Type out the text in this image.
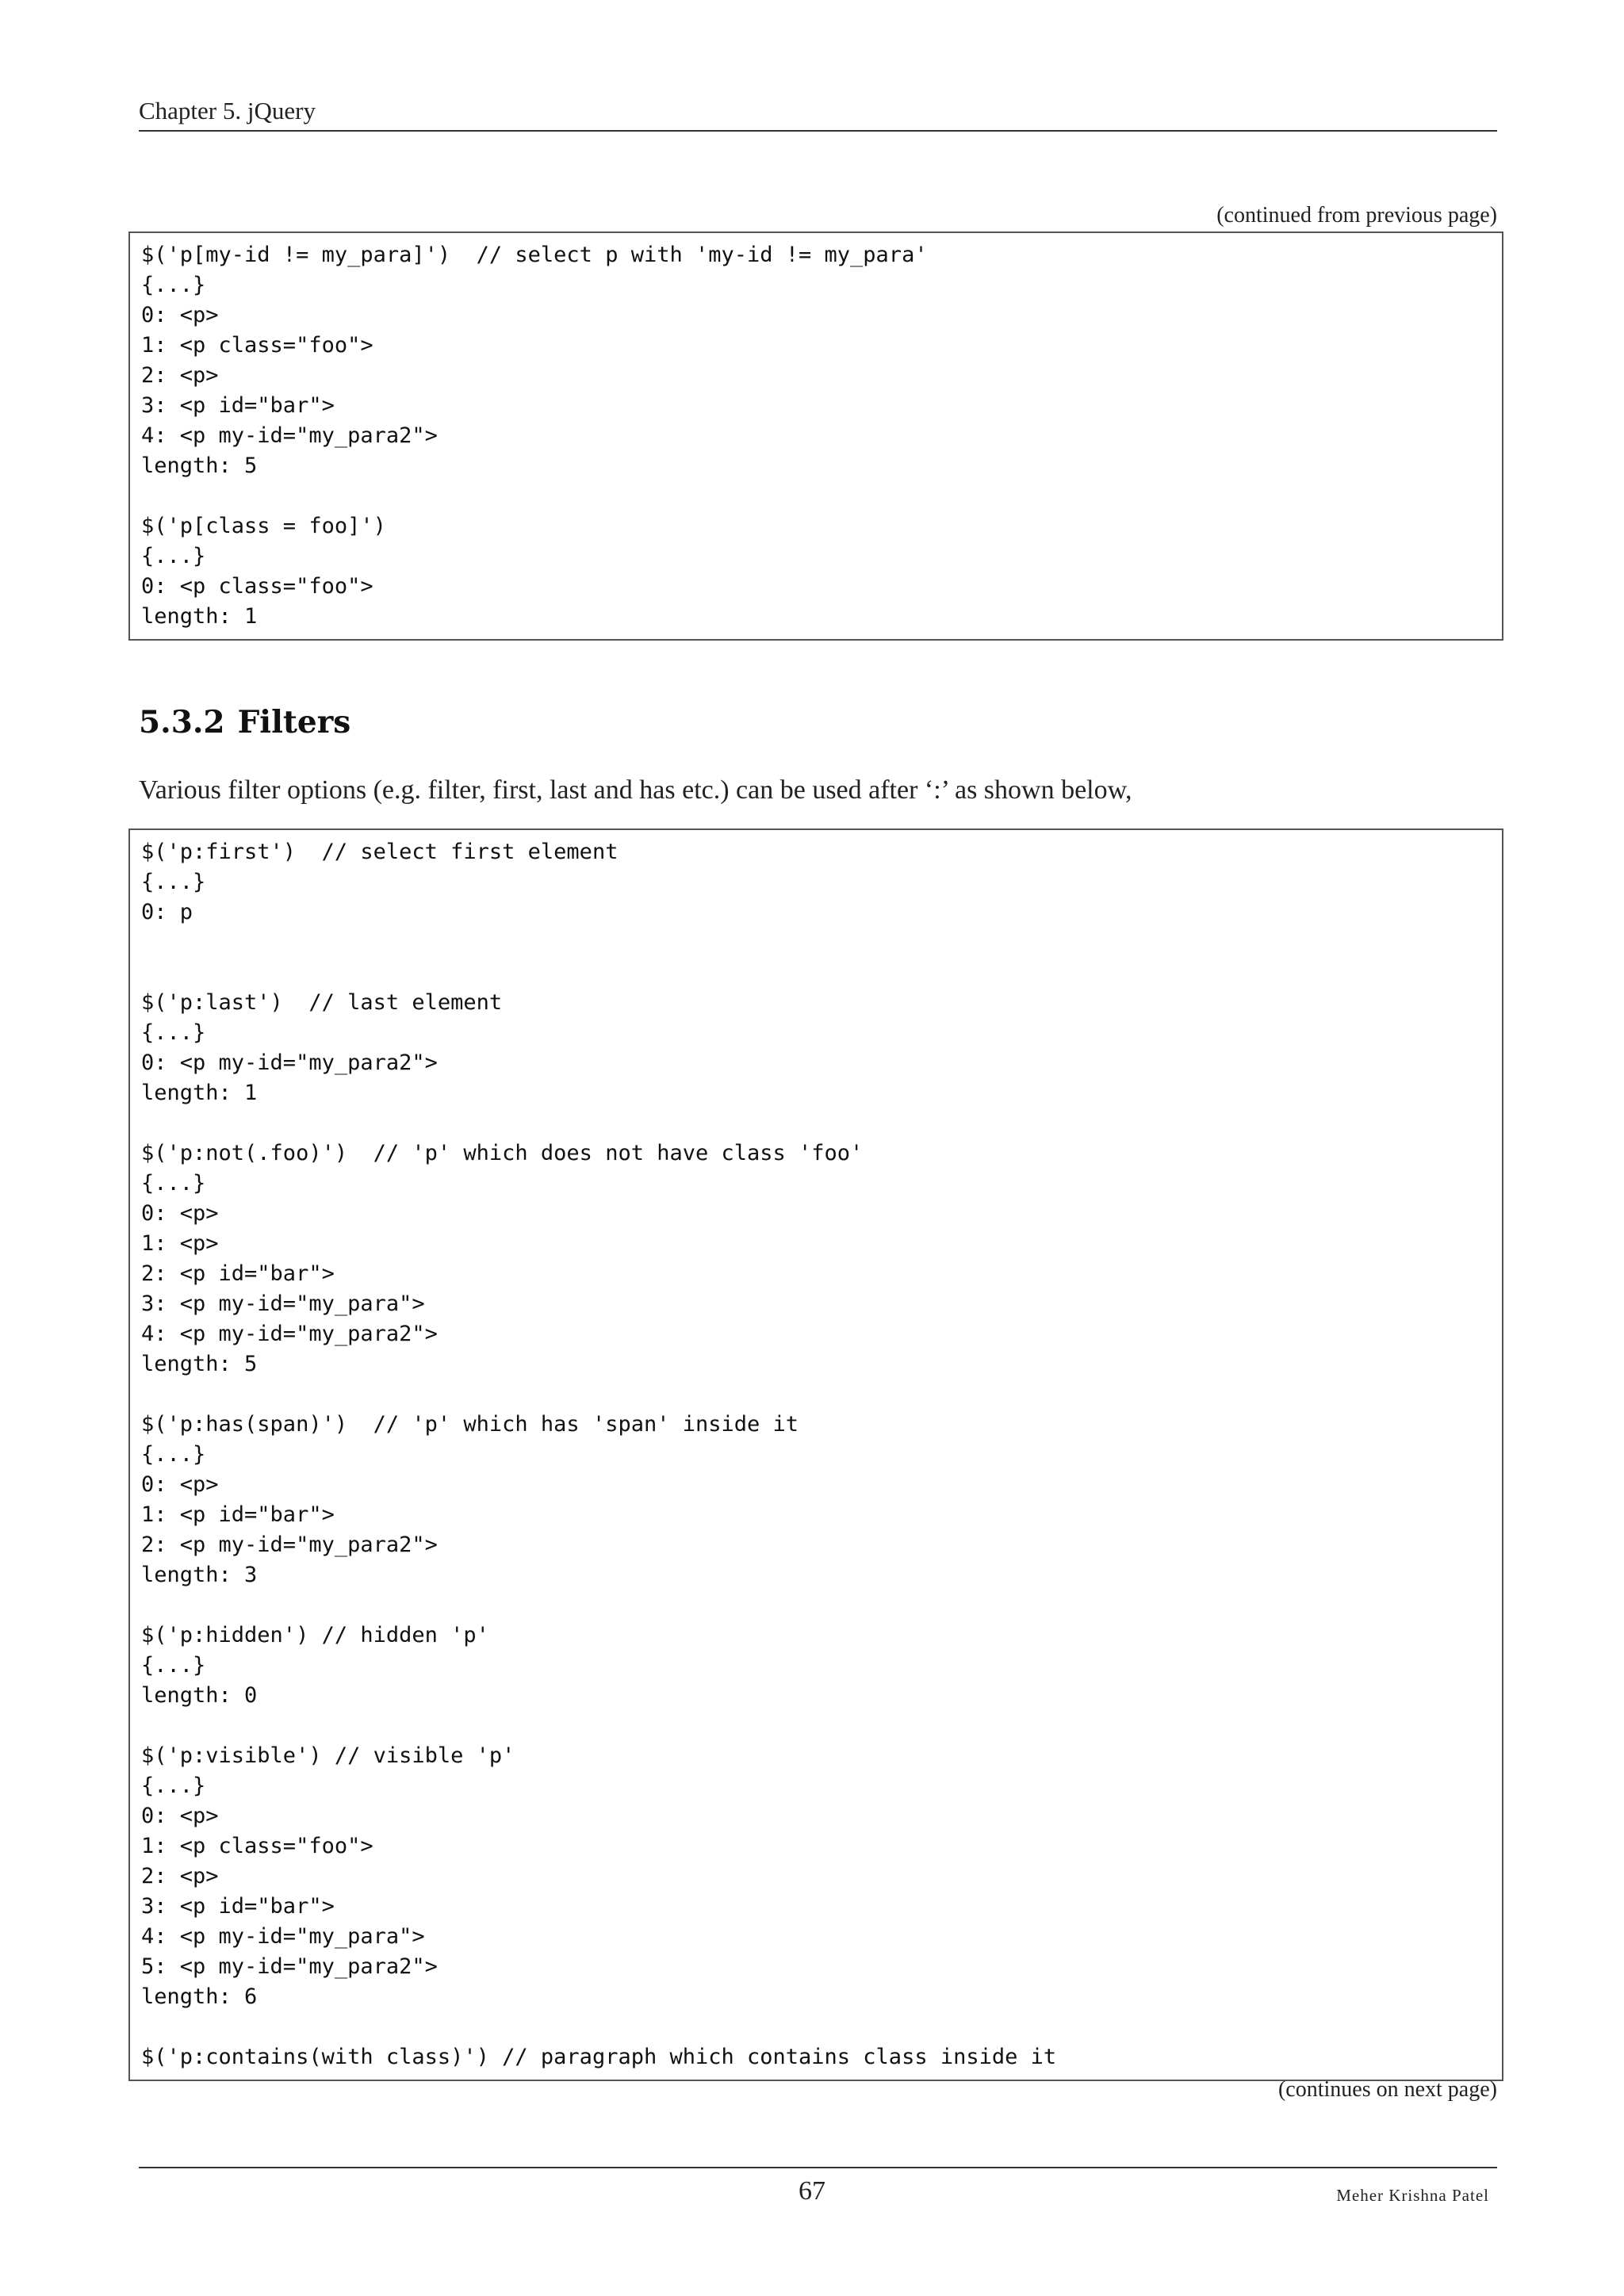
Chapter 5. jQuery
(continued from previous page)
$('p[my-id != my_para]')  // select p with 'my-id != my_para'
{...}
0: <p>
1: <p class="foo">
2: <p>
3: <p id="bar">
4: <p my-id="my_para2">
length: 5
$('p[class = foo]')
{...}
0: <p class="foo">
length: 1
5.3.2 Filters
Various filter options (e.g. filter, first, last and has etc.) can be used after ‘:’ as shown below,
$('p:first')  // select first element
{...}
0: p
$('p:last')  // last element
{...}
0: <p my-id="my_para2">
length: 1
$('p:not(.foo)')  // 'p' which does not have class 'foo'
{...}
0: <p>
1: <p>
2: <p id="bar">
3: <p my-id="my_para">
4: <p my-id="my_para2">
length: 5
$('p:has(span)')  // 'p' which has 'span' inside it
{...}
0: <p>
1: <p id="bar">
2: <p my-id="my_para2">
length: 3
$('p:hidden') // hidden 'p'
{...}
length: 0
$('p:visible') // visible 'p'
{...}
0: <p>
1: <p class="foo">
2: <p>
3: <p id="bar">
4: <p my-id="my_para">
5: <p my-id="my_para2">
length: 6
$('p:contains(with class)') // paragraph which contains class inside it
(continues on next page)
67	Meher Krishna Patel
